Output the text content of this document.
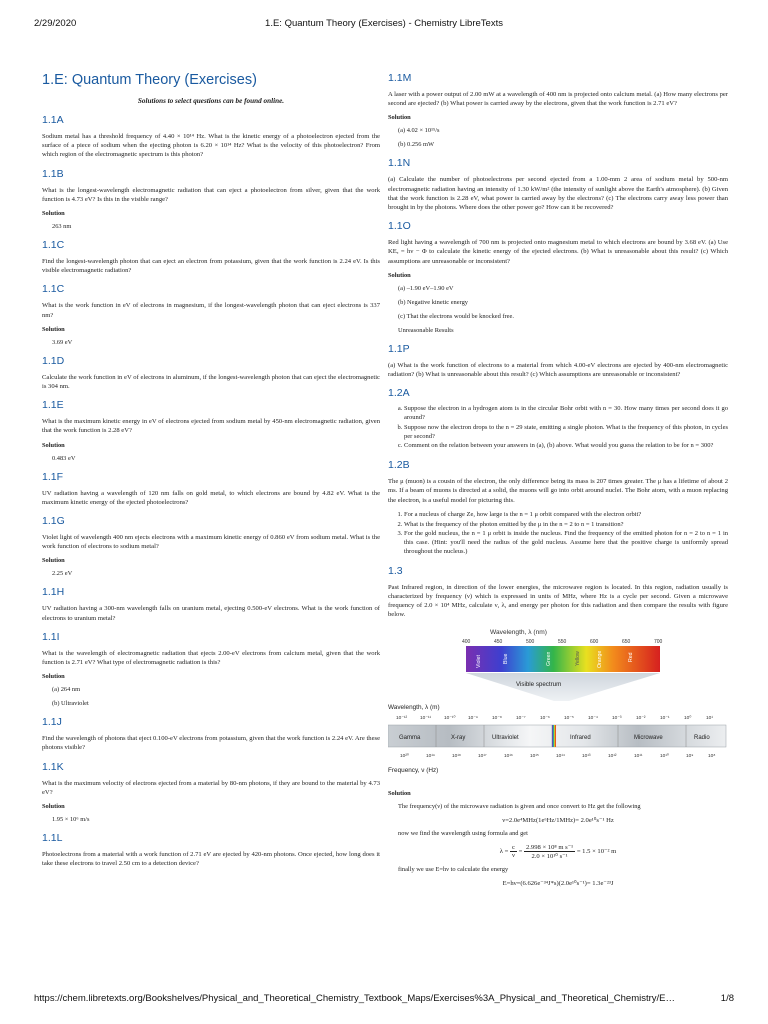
2/29/2020	1.E: Quantum Theory (Exercises) - Chemistry LibreTexts
1.E: Quantum Theory (Exercises)
Solutions to select questions can be found online.
1.1A

Sodium metal has a threshold frequency of 4.40 × 10¹⁴ Hz. What is the kinetic energy of a photoelectron ejected from the surface of a piece of sodium when the ejecting photon is 6.20 × 10¹⁴ Hz? What is the velocity of this photoelectron? From which region of the electromagnetic spectrum is this photon?

1.1B

What is the longest-wavelength electromagnetic radiation that can eject a photoelectron from silver, given that the work function is 4.73 eV? Is this in the visible range?

Solution
263 nm
1.1C

Find the longest-wavelength photon that can eject an electron from potassium, given that the work function is 2.24 eV. Is this visible electromagnetic radiation?

1.1C

What is the work function in eV of electrons in magnesium, if the longest-wavelength photon that can eject electrons is 337 nm?

Solution
3.69 eV
1.1D

Calculate the work function in eV of electrons in aluminum, if the longest-wavelength photon that can eject the electromagnetic is 304 nm.

1.1E

What is the maximum kinetic energy in eV of electrons ejected from sodium metal by 450-nm electromagnetic radiation, given that the work function is 2.28 eV?

Solution
0.483 eV
1.1F

UV radiation having a wavelength of 120 nm falls on gold metal, to which electrons are bound by 4.82 eV. What is the maximum kinetic energy of the ejected photoelectrons?

1.1G

Violet light of wavelength 400 nm ejects electrons with a maximum kinetic energy of 0.860 eV from sodium metal. What is the work function of electrons to sodium metal?

Solution
2.25 eV
1.1H

UV radiation having a 300-nm wavelength falls on uranium metal, ejecting 0.500-eV electrons. What is the work function of electrons to uranium metal?

1.1I

What is the wavelength of electromagnetic radiation that ejects 2.00-eV electrons from calcium metal, given that the work function is 2.71 eV? What type of electromagnetic radiation is this?

Solution
(a) 264 nm
(b) Ultraviolet
1.1J

Find the wavelength of photons that eject 0.100-eV electrons from potassium, given that the work function is 2.24 eV. Are these photons visible?

1.1K

What is the maximum velocity of electrons ejected from a material by 80-nm photons, if they are bound to the material by 4.73 eV?

Solution
1.95 × 10⁶ m/s
1.1L

Photoelectrons from a material with a work function of 2.71 eV are ejected by 420-nm photons. Once ejected, how long does it take these electrons to travel 2.50 cm to a detection device?

1.1M

A laser with a power output of 2.00 mW at a wavelength of 400 nm is projected onto calcium metal. (a) How many electrons per second are ejected? (b) What power is carried away by the electrons, given that the work function is 2.71 eV?

Solution
(a) 4.02 × 10¹⁵/s
(b) 0.256 mW
1.1N

(a) Calculate the number of photoelectrons per second ejected from a 1.00-mm 2 area of sodium metal by 500-nm electromagnetic radiation having an intensity of 1.30 kW/m² (the intensity of sunlight above the Earth's atmosphere). (b) Given that the work function is 2.28 eV, what power is carried away by the electrons? (c) The electrons carry away less power than brought in by the photons. Where does the other power go? How can it be recovered?

1.1O

Red light having a wavelength of 700 nm is projected onto magnesium metal to which electrons are bound by 3.68 eV. (a) Use KEₑ = hν − Φ to calculate the kinetic energy of the ejected electrons. (b) What is unreasonable about this result? (c) Which assumptions are unreasonable or inconsistent?

Solution
(a) –1.90 eV–1.90 eV
(b) Negative kinetic energy
(c) That the electrons would be knocked free.
Unreasonable Results
1.1P

(a) What is the work function of electrons to a material from which 4.00-eV electrons are ejected by 400-nm electromagnetic radiation? (b) What is unreasonable about this result? (c) Which assumptions are unreasonable or inconsistent?

1.2A
a. Suppose the electron in a hydrogen atom is in the circular Bohr orbit with n = 30. How many times per second does it go around?
b. Suppose now the electron drops to the n = 29 state, emitting a single photon. What is the frequency of this photon, in cycles per second?
c. Comment on the relation between your answers in (a), (b) above. What would you guess the relation to be for n = 300?
1.2B

The μ (muon) is a cousin of the electron, the only difference being its mass is 207 times greater. The μ has a lifetime of about 2 ms. If a beam of muons is directed at a solid, the muons will go into orbit around nuclei. The Bohr atom, with a muon replacing the electron, is a useful model for picturing this.

1. For a nucleus of charge Ze, how large is the n = 1 μ orbit compared with the electron orbit?
2. What is the frequency of the photon emitted by the μ in the n = 2 to n = 1 transition?
3. For the gold nucleus, the n = 1 μ orbit is inside the nucleus. Find the frequency of the emitted photon for n = 2 to n = 1 in this case. (Hint: you'll need the radius of the gold nucleus. Assume here that the positive charge is uniformly spread throughout the nucleus.)
1.3

Past Infrared region, in direction of the lower energies, the microwave region is located. In this region, radiation usually is characterized by frequency (ν) which is expressed in units of MHz, where Hz is a cycle per second. Given a microwave frequency of 2.0 × 10⁴ MHz, calculate ν, λ, and energy per photon for this radiation and then compare the results with figure below.

Wavelength, λ (nm)
400	450	500	550	600	650	700
Violet	Blue	Green	Yellow	Orange	Red
Visible spectrum
Wavelength, λ (m)
10⁻¹²	10⁻¹¹	10⁻¹⁰	10⁻⁹	10⁻⁸	10⁻⁷	10⁻⁶	10⁻⁵	10⁻⁴	10⁻³	10⁻²	10⁻¹	10⁰	10¹
Gamma	X-ray	Ultraviolet	Infrared	Microwave	Radio
10²⁰	10¹⁹	10¹⁸	10¹⁷	10¹⁶	10¹⁵	10¹⁴	10¹³	10¹²	10¹¹	10¹⁰	10⁹	10⁸
Frequency, ν (Hz)
Solution
The frequency(ν) of the microwave radiation is given and once convert to Hz get the following
ν=2.0e⁴MHz(1e⁶Hz/1MHz)= 2.0e¹⁰s⁻¹ Hz
now we find the wavelength using formula and get
$\lambda = \frac{c}{\nu} = \frac{\text{2.998 × 10⁸ m s⁻¹}}{\text{2.0 × 10¹⁰ s⁻¹}} = 1.5 \times 10^{-2}$ m
finally we use E=hν to calculate the energy
E=hν=(6.626e⁻³⁴J*s)(2.0e¹⁰s⁻¹)= 1.3e⁻²³J
https://chem.libretexts.org/Bookshelves/Physical_and_Theoretical_Chemistry_Textbook_Maps/Exercises%3A_Physical_and_Theoretical_Chemistry/E…	1/8
